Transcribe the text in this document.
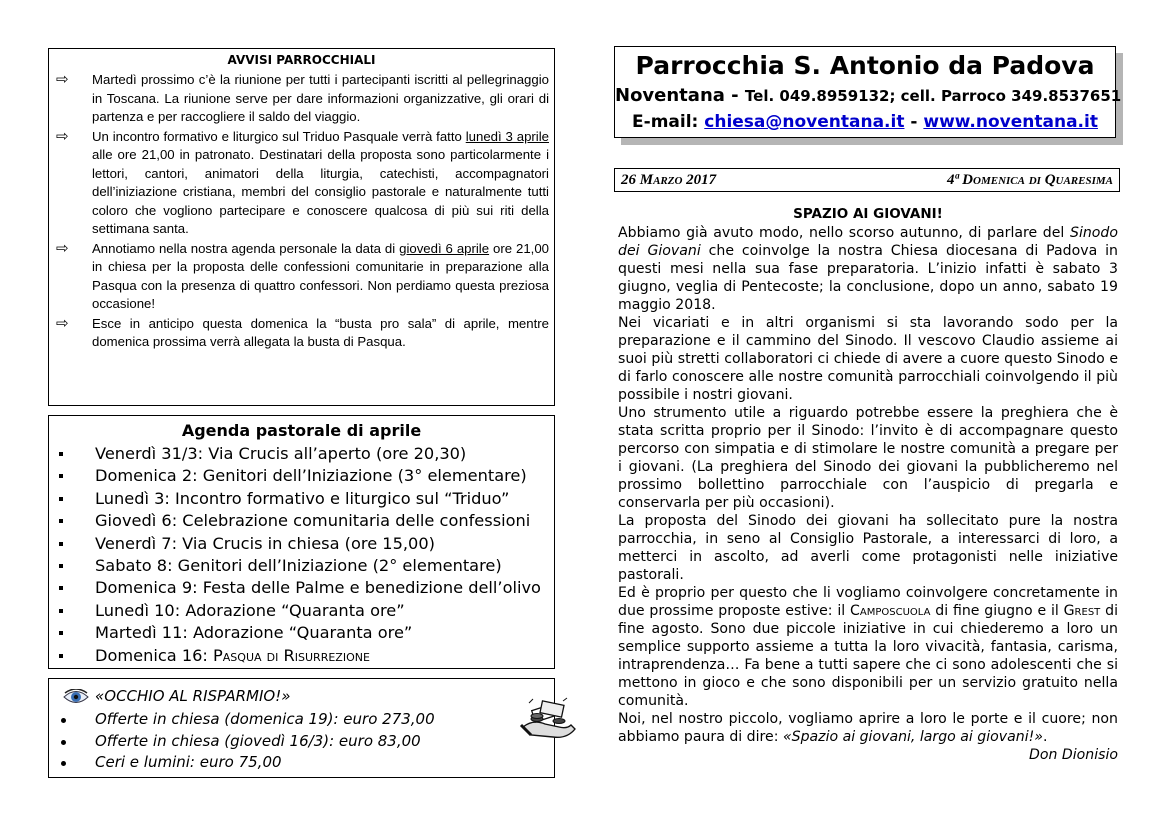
AVVISI PARROCCHIALI
⇨ Martedì prossimo c’è la riunione per tutti i partecipanti iscritti al pellegrinaggio in Toscana. La riunione serve per dare informazioni organizzative, gli orari di partenza e per raccogliere il saldo del viaggio.
⇨ Un incontro formativo e liturgico sul Triduo Pasquale verrà fatto lunedì 3 aprile alle ore 21,00 in patronato. Destinatari della proposta sono particolarmente i lettori, cantori, animatori della liturgia, catechisti, accompagnatori dell’iniziazione cristiana, membri del consiglio pastorale e naturalmente tutti coloro che vogliono partecipare e conoscere qualcosa di più sui riti della settimana santa.
⇨ Annotiamo nella nostra agenda personale la data di giovedì 6 aprile ore 21,00 in chiesa per la proposta delle confessioni comunitarie in preparazione alla Pasqua con la presenza di quattro confessori. Non perdiamo questa preziosa occasione!
⇨ Esce in anticipo questa domenica la “busta pro sala” di aprile, mentre domenica prossima verrà allegata la busta di Pasqua.
Agenda pastorale di aprile
Venerdì 31/3: Via Crucis all’aperto (ore 20,30)
Domenica 2: Genitori dell’Iniziazione (3° elementare)
Lunedì 3: Incontro formativo e liturgico sul “Triduo”
Giovedì 6: Celebrazione comunitaria delle confessioni
Venerdì 7: Via Crucis in chiesa (ore 15,00)
Sabato 8: Genitori dell’Iniziazione (2° elementare)
Domenica 9: Festa delle Palme e benedizione dell’olivo
Lunedì 10: Adorazione “Quaranta ore”
Martedì 11: Adorazione “Quaranta ore”
Domenica 16: Pasqua di Risurrezione
«OCCHIO AL RISPARMIO!»
Offerte in chiesa (domenica 19): euro 273,00
Offerte in chiesa (giovedì 16/3): euro 83,00
Ceri e lumini: euro 75,00
Parrocchia S. Antonio da Padova
Noventana - Tel. 049.8959132; cell. Parroco 349.8537651
E-mail: chiesa@noventana.it - www.noventana.it
26 Marzo 2017	4ª Domenica di Quaresima
SPAZIO AI GIOVANI!

Abbiamo già avuto modo, nello scorso autunno, di parlare del Sinodo dei Giovani che coinvolge la nostra Chiesa diocesana di Padova in questi mesi nella sua fase preparatoria. L’inizio infatti è sabato 3 giugno, veglia di Pentecoste; la conclusione, dopo un anno, sabato 19 maggio 2018.

Nei vicariati e in altri organismi si sta lavorando sodo per la preparazione e il cammino del Sinodo. Il vescovo Claudio assieme ai suoi più stretti collaboratori ci chiede di avere a cuore questo Sinodo e di farlo conoscere alle nostre comunità parrocchiali coinvolgendo il più possibile i nostri giovani.

Uno strumento utile a riguardo potrebbe essere la preghiera che è stata scritta proprio per il Sinodo: l’invito è di accompagnare questo percorso con simpatia e di stimolare le nostre comunità a pregare per i giovani. (La preghiera del Sinodo dei giovani la pubblicheremo nel prossimo bollettino parrocchiale con l’auspicio di pregarla e conservarla per più occasioni).

La proposta del Sinodo dei giovani ha sollecitato pure la nostra parrocchia, in seno al Consiglio Pastorale, a interessarci di loro, a metterci in ascolto, ad averli come protagonisti nelle iniziative pastorali.

Ed è proprio per questo che li vogliamo coinvolgere concretamente in due prossime proposte estive: il Camposcuola di fine giugno e il Grest di fine agosto. Sono due piccole iniziative in cui chiederemo a loro un semplice supporto assieme a tutta la loro vivacità, fantasia, carisma, intraprendenza… Fa bene a tutti sapere che ci sono adolescenti che si mettono in gioco e che sono disponibili per un servizio gratuito nella comunità.

Noi, nel nostro piccolo, vogliamo aprire a loro le porte e il cuore; non abbiamo paura di dire: «Spazio ai giovani, largo ai giovani!».

Don Dionisio
